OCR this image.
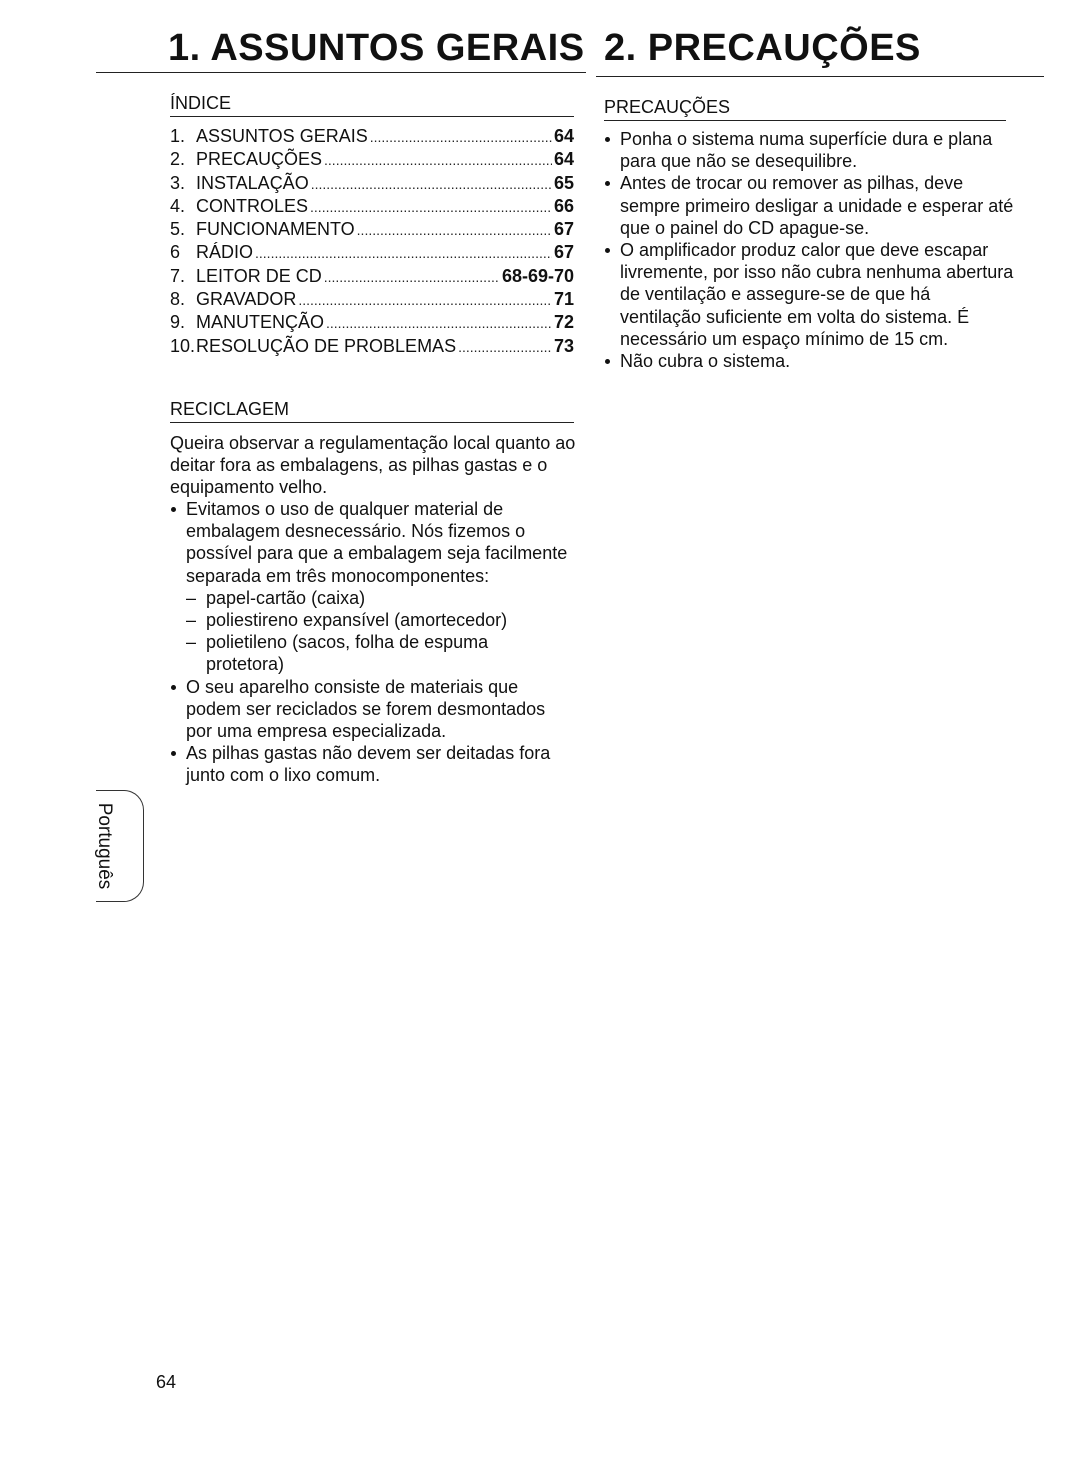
1. ASSUNTOS GERAIS 2. PRECAUÇÕES
ÍNDICE
1. ASSUNTOS GERAIS .....	64
2. PRECAUÇÕES .....	64
3. INSTALAÇÃO .....	65
4. CONTROLES .....	66
5. FUNCIONAMENTO .....	67
6 RÁDIO .....	67
7. LEITOR DE CD .....	68-69-70
8. GRAVADOR .....	71
9. MANUTENÇÃO .....	72
10. RESOLUÇÃO DE PROBLEMAS .....	73
RECICLAGEM

Queira observar a regulamentação local quanto ao deitar fora as embalagens, as pilhas gastas e o equipamento velho.

Evitamos o uso de qualquer material de embalagem desnecessário. Nós fizemos o possível para que a embalagem seja facilmente separada em três monocomponentes:
– papel-cartão (caixa)
– poliestireno expansível (amortecedor)
– polietileno (sacos, folha de espuma protetora)
O seu aparelho consiste de materiais que podem ser reciclados se forem desmontados por uma empresa especializada.
As pilhas gastas não devem ser deitadas fora junto com o lixo comum.
PRECAUÇÕES
Ponha o sistema numa superfície dura e plana para que não se desequilibre.
Antes de trocar ou remover as pilhas, deve sempre primeiro desligar a unidade e esperar até que o painel do CD apague-se.
O amplificador produz calor que deve escapar livremente, por isso não cubra nenhuma abertura de ventilação e assegure-se de que há ventilação suficiente em volta do sistema. É necessário um espaço mínimo de 15 cm.
Não cubra o sistema.
Português
64
